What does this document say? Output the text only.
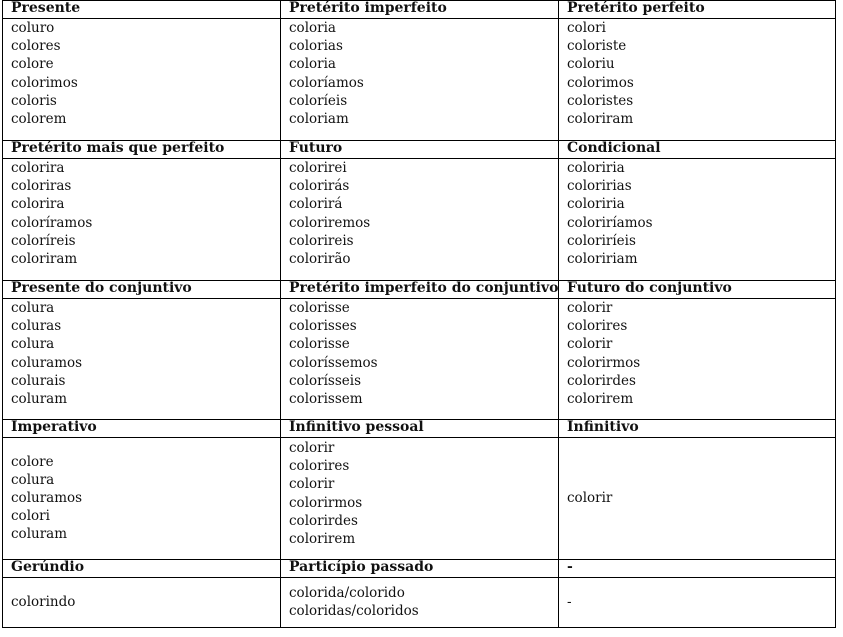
Presente
coluro
colores
colore
colorimos
coloris
colorem
Pretérito imperfeito
coloria
colorias
coloria
coloríamos
coloríeis
coloriam
Pretérito perfeito
colori
coloriste
coloriu
colorimos
coloristes
coloriram
Pretérito mais que perfeito
colorira
coloriras
colorira
coloríramos
coloríreis
coloriram
Futuro
colorirei
colorirás
colorirá
coloriremos
colorireis
colorirão
Condicional
coloriria
coloririas
coloriria
coloriríamos
coloriríeis
coloririam
Presente do conjuntivo
colura
coluras
colura
coluramos
colurais
coluram
Pretérito imperfeito do conjuntivo
colorisse
colorisses
colorisse
coloríssemos
colorísseis
colorissem
Futuro do conjuntivo
colorir
colorires
colorir
colorirmos
colorirdes
colorirem
Imperativo
colore
colura
coluramos
colori
coluram
Infinitivo pessoal
colorir
colorires
colorir
colorirmos
colorirdes
colorirem
Infinitivo
colorir
Gerúndio
colorindo
Particípio passado
colorida/colorido
coloridas/coloridos
-
-
